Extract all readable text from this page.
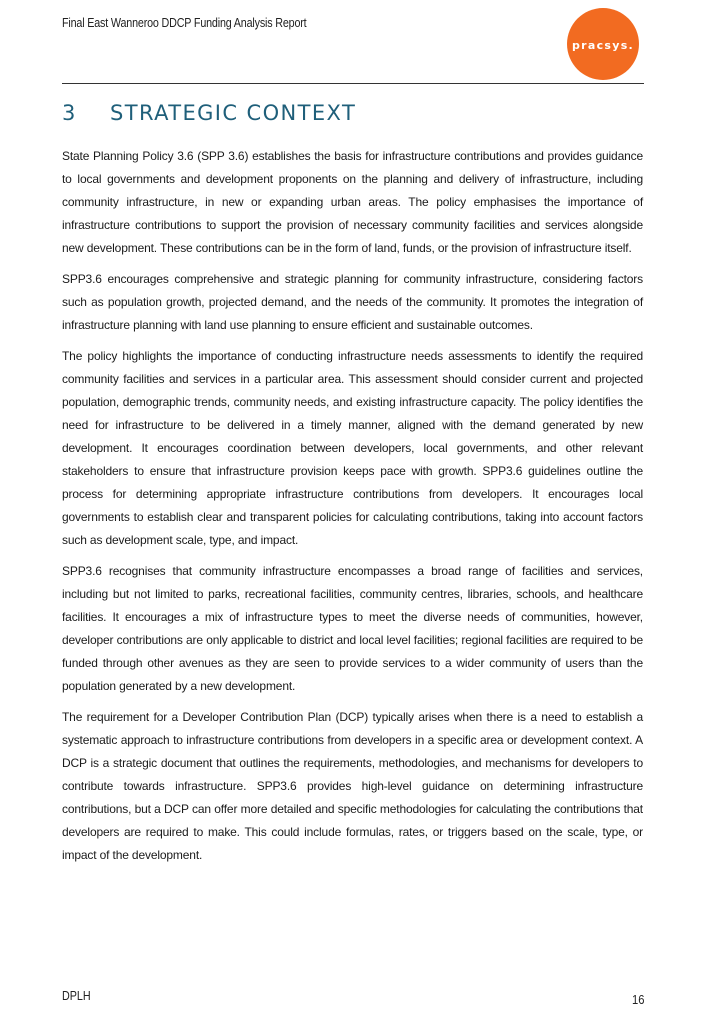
Final East Wanneroo DDCP Funding Analysis Report
pracsys.
3	STRATEGIC CONTEXT

State Planning Policy 3.6 (SPP 3.6) establishes the basis for infrastructure contributions and provides guidance to local governments and development proponents on the planning and delivery of infrastructure, including community infrastructure, in new or expanding urban areas. The policy emphasises the importance of infrastructure contributions to support the provision of necessary community facilities and services alongside new development. These contributions can be in the form of land, funds, or the provision of infrastructure itself.

SPP3.6 encourages comprehensive and strategic planning for community infrastructure, considering factors such as population growth, projected demand, and the needs of the community. It promotes the integration of infrastructure planning with land use planning to ensure efficient and sustainable outcomes.

The policy highlights the importance of conducting infrastructure needs assessments to identify the required community facilities and services in a particular area. This assessment should consider current and projected population, demographic trends, community needs, and existing infrastructure capacity. The policy identifies the need for infrastructure to be delivered in a timely manner, aligned with the demand generated by new development. It encourages coordination between developers, local governments, and other relevant stakeholders to ensure that infrastructure provision keeps pace with growth. SPP3.6 guidelines outline the process for determining appropriate infrastructure contributions from developers. It encourages local governments to establish clear and transparent policies for calculating contributions, taking into account factors such as development scale, type, and impact.

SPP3.6 recognises that community infrastructure encompasses a broad range of facilities and services, including but not limited to parks, recreational facilities, community centres, libraries, schools, and healthcare facilities. It encourages a mix of infrastructure types to meet the diverse needs of communities, however, developer contributions are only applicable to district and local level facilities; regional facilities are required to be funded through other avenues as they are seen to provide services to a wider community of users than the population generated by a new development.

The requirement for a Developer Contribution Plan (DCP) typically arises when there is a need to establish a systematic approach to infrastructure contributions from developers in a specific area or development context. A DCP is a strategic document that outlines the requirements, methodologies, and mechanisms for developers to contribute towards infrastructure. SPP3.6 provides high-level guidance on determining infrastructure contributions, but a DCP can offer more detailed and specific methodologies for calculating the contributions that developers are required to make. This could include formulas, rates, or triggers based on the scale, type, or impact of the development.

DPLH	16
